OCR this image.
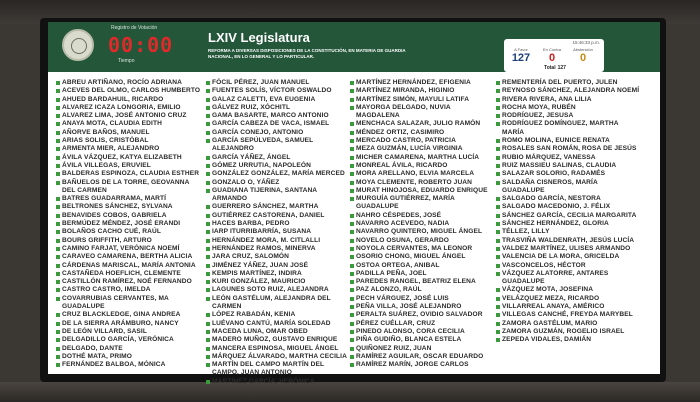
Registro de Votación
00:00
Tiempo
LXIV Legislatura
REFORMA A DIVERSAS DISPOSICIONES DE LA CONSTITUCIÓN, EN MATERIA DE GUARDIA NACIONAL, EN LO GENERAL Y LO PARTICULAR.
15:46:33 p.m.
A Favor
127
En Contra
0
Abstención
0
Total 127
ABREU ARTIÑANO, ROCÍO ADRIANA
ACEVES DEL OLMO, CARLOS HUMBERTO
AHUED BARDAHUIL, RICARDO
ALVAREZ ICAZA LONGORIA, EMILIO
ALVAREZ LIMA, JOSÉ ANTONIO CRUZ
ANAYA MOTA, CLAUDIA EDITH
AÑORVE BAÑOS, MANUEL
ARIAS SOLIS, CRISTÓBAL
ARMENTA MIER, ALEJANDRO
ÁVILA VÁZQUEZ, KATYA ELIZABETH
ÁVILA VILLEGAS, ERUVIEL
BALDERAS ESPINOZA, CLAUDIA ESTHER
BAÑUELOS DE LA TORRE, GEOVANNA DEL CARMEN
BATRES GUADARRAMA, MARTÍ
BELTRONES SÁNCHEZ, SYLVANA
BENAVIDES COBOS, GABRIELA
BERMÚDEZ MÉNDEZ, JOSÉ ERANDI
BOLAÑOS CACHO CUÉ, RAÚL
BOURS GRIFFITH, ARTURO
CAMINO FARJAT, VERÓNICA NOEMÍ
CARAVEO CAMARENA, BERTHA ALICIA
CÁRDENAS MARISCAL, MARÍA ANTONIA
CASTAÑEDA HOEFLICH, CLEMENTE
CASTILLÓN RAMÍREZ, NOÉ FERNANDO
CASTRO CASTRO, IMELDA
COVARRUBIAS CERVANTES, MA GUADALUPE
CRUZ BLACKLEDGE, GINA ANDREA
DE LA SIERRA ARÁMBURO, NANCY
DE LEÓN VILLARD, SASIL
DELGADILLO GARCÍA, VERÓNICA
DELGADO, DANTE
DOTHÉ MATA, PRIMO
FERNÁNDEZ BALBOA, MÓNICA
FÓCIL PÉREZ, JUAN MANUEL
FUENTES SOLÍS, VÍCTOR OSWALDO
GALAZ CALETTI, EVA EUGENIA
GÁLVEZ RUIZ, XÓCHITL
GAMA BASARTE, MARCO ANTONIO
GARCÍA CABEZA DE VACA, ISMAEL
GARCÍA CONEJO, ANTONIO
GARCÍA SEPÚLVEDA, SAMUEL ALEJANDRO
GARCÍA YÁÑEZ, ÁNGEL
GÓMEZ URRUTIA, NAPOLEÓN
GONZÁLEZ GONZÁLEZ, MARÍA MERCED
GONZALO O, YÁÑEZ
GUADIANA TIJERINA, SANTANA ARMANDO
GUERRERO SÁNCHEZ, MARTHA
GUTIÉRREZ CASTORENA, DANIEL
HACES BARBA, PEDRO
IARP ITURRIBARRÍA, SUSANA
HERNÁNDEZ MORA, M. CITLALLI
HERNÁNDEZ RAMOS, MINERVA
JARA CRUZ, SALOMÓN
JIMÉNEZ YÁÑEZ, JUAN JOSÉ
KEMPIS MARTÍNEZ, INDIRA
KURI GONZÁLEZ, MAURICIO
LAGUNES SOTO RUIZ, ALEJANDRA
LEÓN GASTÉLUM, ALEJANDRA DEL CARMEN
LÓPEZ RABADÁN, KENIA
LUÉVANO CANTÚ, MARÍA SOLEDAD
MACEDA LUNA, OMAR OBED
MADERO MUÑOZ, GUSTAVO ENRIQUE
MANCERA ESPINOSA, MIGUEL ÁNGEL
MÁRQUEZ ÁLVARADO, MARTHA CECILIA
MARTÍN DEL CAMPO MARTÍN DEL CAMPO, JUAN ANTONIO
MARTÍNEZ GARCÍA, VERÓNICA
MARTÍNEZ HERNÁNDEZ, EFIGENIA
MARTÍNEZ MIRANDA, HIGINIO
MARTÍNEZ SIMÓN, MAYULI LATIFA
MAYORGA DELGADO, NUVIA MAGDALENA
MENCHACA SALAZAR, JULIO RAMÓN
MÉNDEZ ORTIZ, CASIMIRO
MERCADO CASTRO, PATRICIA
MEZA GUZMÁN, LUCÍA VIRGINIA
MICHER CAMARENA, MARTHA LUCÍA
MONREAL ÁVILA, RICARDO
MORA ARELLANO, ELVIA MARCELA
MOYA CLEMENTE, ROBERTO JUAN
MURAT HINOJOSA, EDUARDO ENRIQUE
MURGUÍA GUTIÉRREZ, MARÍA GUADALUPE
NAHRO CÉSPEDES, JOSÉ
NAVARRO ACEVEDO, NADIA
NAVARRO QUINTERO, MIGUEL ÁNGEL
NOVELO OSUNA, GERARDO
NOYOLA CERVANTES, MA LEONOR
OSORIO CHONG, MIGUEL ÁNGEL
OSTOA ORTEGA, ANIBAL
PADILLA PEÑA, JOEL
PAREDES RANGEL, BEATRIZ ELENA
PAZ ALONZO, RAÚL
PECH VÁRGUEZ, JOSÉ LUIS
PEÑA VILLA, JOSÉ ALEJANDRO
PERALTA SUÁREZ, OVIDIO SALVADOR
PÉREZ CUÉLLAR, CRUZ
PINEDO ALONSO, CORA CECILIA
PIÑA GUDIÑO, BLANCA ESTELA
QUIÑONEZ RUIZ, JUAN
RAMÍREZ AGUILAR, OSCAR EDUARDO
RAMÍREZ MARÍN, JORGE CARLOS
REMENTERÍA DEL PUERTO, JULEN
REYNOSO SÁNCHEZ, ALEJANDRA NOEMÍ
RIVERA RIVERA, ANA LILIA
ROCHA MOYA, RUBÉN
RODRÍGUEZ, JESUSA
RODRÍGUEZ DOMÍNGUEZ, MARTHA MARÍA
ROMO MOLINA, EUNICE RENATA
ROSALES SAN ROMÁN, ROSA DE JESÚS
RUBIO MÁRQUEZ, VANESSA
RUIZ MASSIEU SALINAS, CLAUDIA
SALAZAR SOLORIO, RADAMÉS
SALDAÑA CISNEROS, MARÍA GUADALUPE
SALGADO GARCÍA, NESTORA
SALGADO MACEDONIO, J. FÉLIX
SÁNCHEZ GARCÍA, CECILIA MARGARITA
SÁNCHEZ HERNÁNDEZ, GLORIA
TÉLLEZ, LILLY
TRASVIÑA WALDENRATH, JESÚS LUCÍA
VALDEZ MARTÍNEZ, ULISES ARMANDO
VALENCIA DE LA MORA, GRICELDA
VASCONCELOS, HÉCTOR
VÁZQUEZ ALATORRE, ANTARES GUADALUPE
VÁZQUEZ MOTA, JOSEFINA
VELÁZQUEZ MEZA, RICARDO
VILLARREAL ANAYA, AMÉRICO
VILLEGAS CANCHÉ, FREYDA MARYBEL
ZAMORA GASTÉLUM, MARIO
ZAMORA GUZMÁN, ROGELIO ISRAEL
ZEPEDA VIDALES, DAMIÁN
